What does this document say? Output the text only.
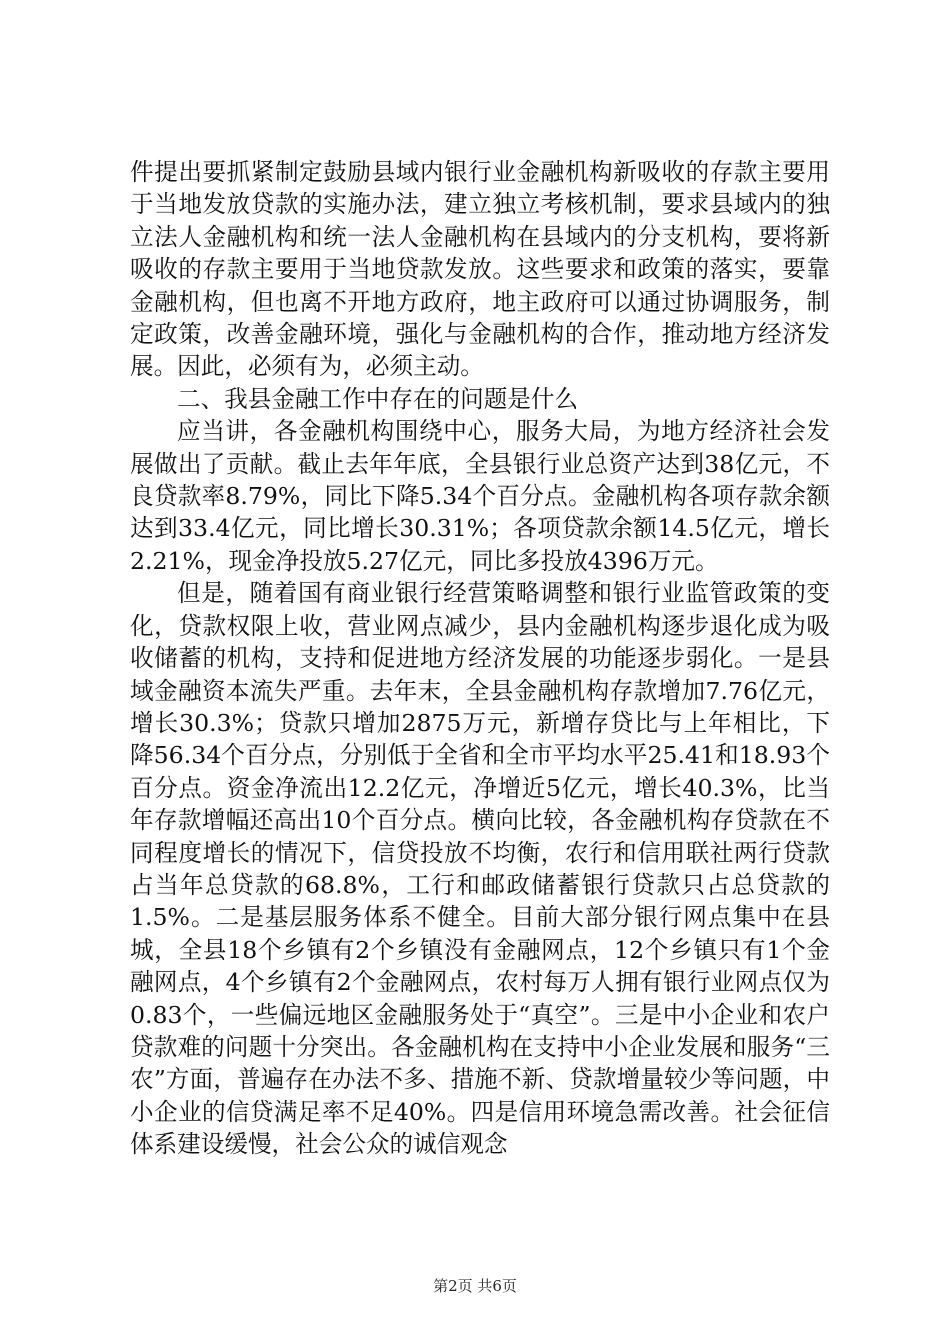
件提出要抓紧制定鼓励县域内银行业金融机构新吸收的存款主要用于当地发放贷款的实施办法，建立独立考核机制，要求县域内的独立法人金融机构和统一法人金融机构在县域内的分支机构，要将新吸收的存款主要用于当地贷款发放。这些要求和政策的落实，要靠金融机构，但也离不开地方政府，地主政府可以通过协调服务，制定政策，改善金融环境，强化与金融机构的合作，推动地方经济发展。因此，必须有为，必须主动。

二、我县金融工作中存在的问题是什么

应当讲，各金融机构围绕中心，服务大局，为地方经济社会发展做出了贡献。截止去年年底，全县银行业总资产达到38亿元，不良贷款率8.79%，同比下降5.34个百分点。金融机构各项存款余额达到33.4亿元，同比增长30.31%；各项贷款余额14.5亿元，增长2.21%，现金净投放5.27亿元，同比多投放4396万元。

但是，随着国有商业银行经营策略调整和银行业监管政策的变化，贷款权限上收，营业网点减少，县内金融机构逐步退化成为吸收储蓄的机构，支持和促进地方经济发展的功能逐步弱化。一是县域金融资本流失严重。去年末，全县金融机构存款增加7.76亿元，增长30.3%；贷款只增加2875万元，新增存贷比与上年相比，下降56.34个百分点，分别低于全省和全市平均水平25.41和18.93个百分点。资金净流出12.2亿元，净增近5亿元，增长40.3%，比当年存款增幅还高出10个百分点。横向比较，各金融机构存贷款在不同程度增长的情况下，信贷投放不均衡，农行和信用联社两行贷款占当年总贷款的68.8%，工行和邮政储蓄银行贷款只占总贷款的1.5%。二是基层服务体系不健全。目前大部分银行网点集中在县城，全县18个乡镇有2个乡镇没有金融网点，12个乡镇只有1个金融网点，4个乡镇有2个金融网点，农村每万人拥有银行业网点仅为0.83个，一些偏远地区金融服务处于“真空”。三是中小企业和农户贷款难的问题十分突出。各金融机构在支持中小企业发展和服务“三农”方面，普遍存在办法不多、措施不新、贷款增量较少等问题，中小企业的信贷满足率不足40%。四是信用环境急需改善。社会征信体系建设缓慢，社会公众的诚信观念

第2页 共6页
